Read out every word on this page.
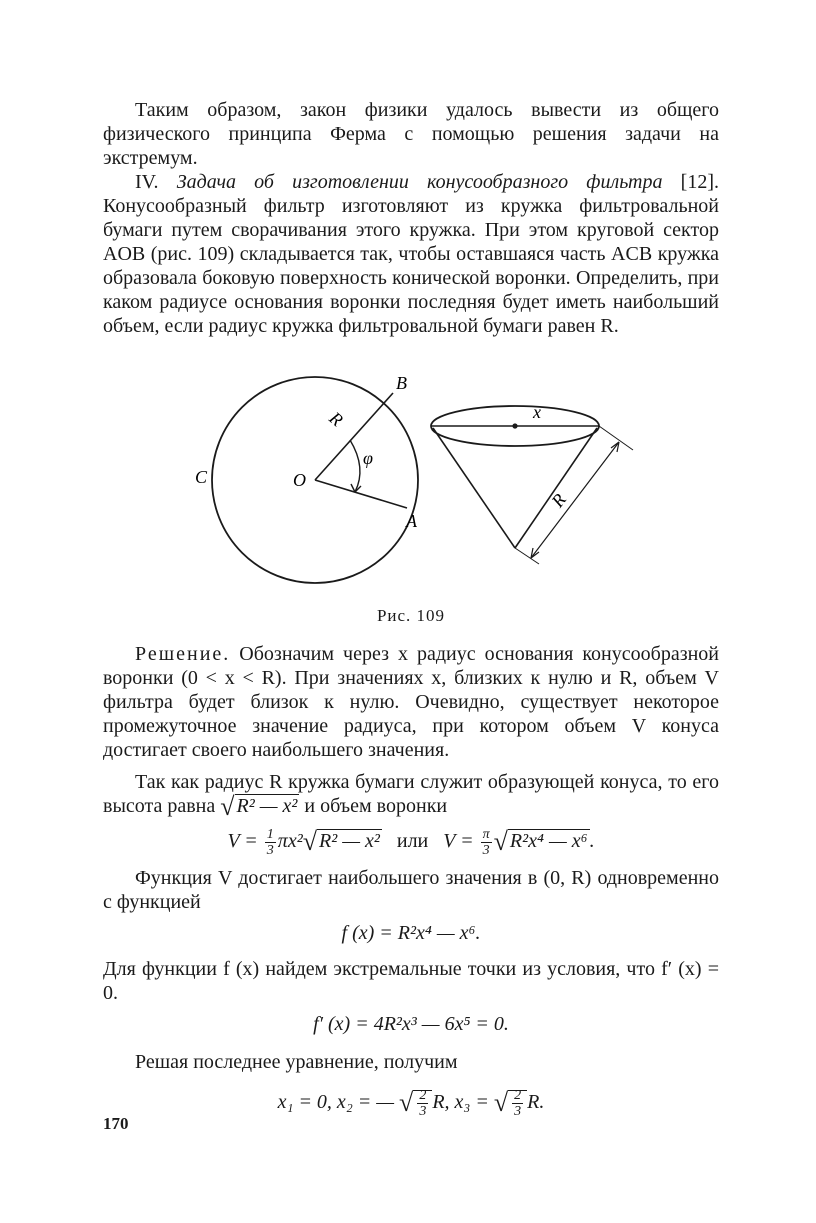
Таким образом, закон физики удалось вывести из общего физического принципа Ферма с помощью решения задачи на экстремум.

IV. Задача об изготовлении конусообразного фильтра [12]. Конусообразный фильтр изготовляют из кружка фильтровальной бумаги путем сворачивания этого кружка. При этом круговой сектор AOB (рис. 109) складывается так, чтобы оставшаяся часть ACB кружка образовала боковую поверхность конической воронки. Определить, при каком радиусе основания воронки последняя будет иметь наибольший объем, если радиус кружка фильтровальной бумаги равен R.

C	O
B
A
R
φ
x
R
Рис. 109

Решение. Обозначим через x радиус основания конусообразной воронки (0 < x < R). При значениях x, близких к нулю и R, объем V фильтра будет близок к нулю. Очевидно, существует некоторое промежуточное значение радиуса, при котором объем V конуса достигает своего наибольшего значения.

Так как радиус R кружка бумаги служит образующей конуса, то его высота равна √ R² — x² и объем воронки

$V = \frac{1}{3} \pi x^2√$ R² — x² или $V = \frac{\pi}{3}$ √ R²x⁴ — x⁶ .

Функция V достигает наибольшего значения в (0, R) одновременно с функцией

f (x) = R²x⁴ — x⁶.

Для функции f (x) найдем экстремальные точки из условия, что f′ (x) = 0.

f′ (x) = 4R²x³ — 6x⁵ = 0.

Решая последнее уравнение, получим

x₁ = 0, x₂ = — √ $\frac{2}{3} R$, x₃ = √ $\frac{2}{3} R$.
170
